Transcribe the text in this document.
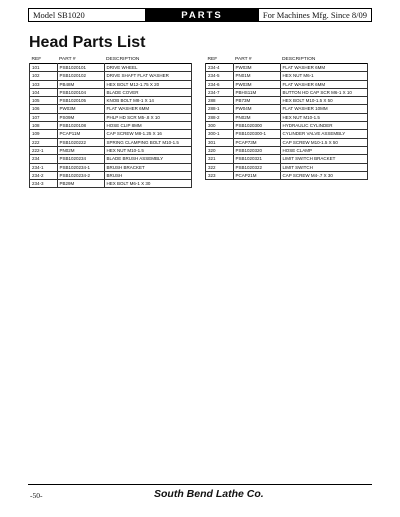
Model SB1020	PARTS	For Machines Mfg. Since 8/09
Head Parts List
REF	PART #	DESCRIPTION
101	PSB1020101	DRIVE WHEEL
102	PSB1020102	DRIVE SHAFT FLAT WASHER
103	PB48M	HEX BOLT M12-1.75 X 20
104	PSB1020104	BLADE COVER
105	PSB1020105	KNOB BOLT M8-1 X 14
106	PW03M	FLAT WASHER 6MM
107	PS09M	PHLP HD SCR M5-.8 X 10
108	PSB1020108	HOSE CLIP 8MM
109	PCAP11M	CAP SCREW M8-1.25 X 16
222	PSB1020222	SPRING CLAMPING BOLT M10-1.5
222-1	PN02M	HEX NUT M10-1.5
234	PSB1020234	BLADE BRUSH ASSEMBLY
234-1	PSB1020234-1	BRUSH BRACKET
234-2	PSB1020234-2	BRUSH
234-3	PB29M	HEX BOLT M6-1 X 30
REF	PART #	DESCRIPTION
234-4	PW03M	FLAT WASHER 6MM
234-5	PN01M	HEX NUT M6-1
234-6	PW03M	FLAT WASHER 6MM
234-7	PBHS11M	BUTTON HD CAP SCR M6-1 X 10
288	PB73M	HEX BOLT M10-1.5 X 50
288-1	PW04M	FLAT WASHER 10MM
288-2	PN02M	HEX NUT M10-1.5
300	PSB1020300	HYDRAULIC CYLINDER
300-1	PSB1020300-1	CYLINDER VALVE ASSEMBLY
301	PCAP73M	CAP SCREW M10-1.5 X 50
320	PSB1020320	HOSE CLAMP
321	PSB1020321	LIMIT SWITCH BRACKET
322	PSB1020322	LIMIT SWITCH
323	PCAP21M	CAP SCREW M4-.7 X 30
-50-	South Bend Lathe Co.
